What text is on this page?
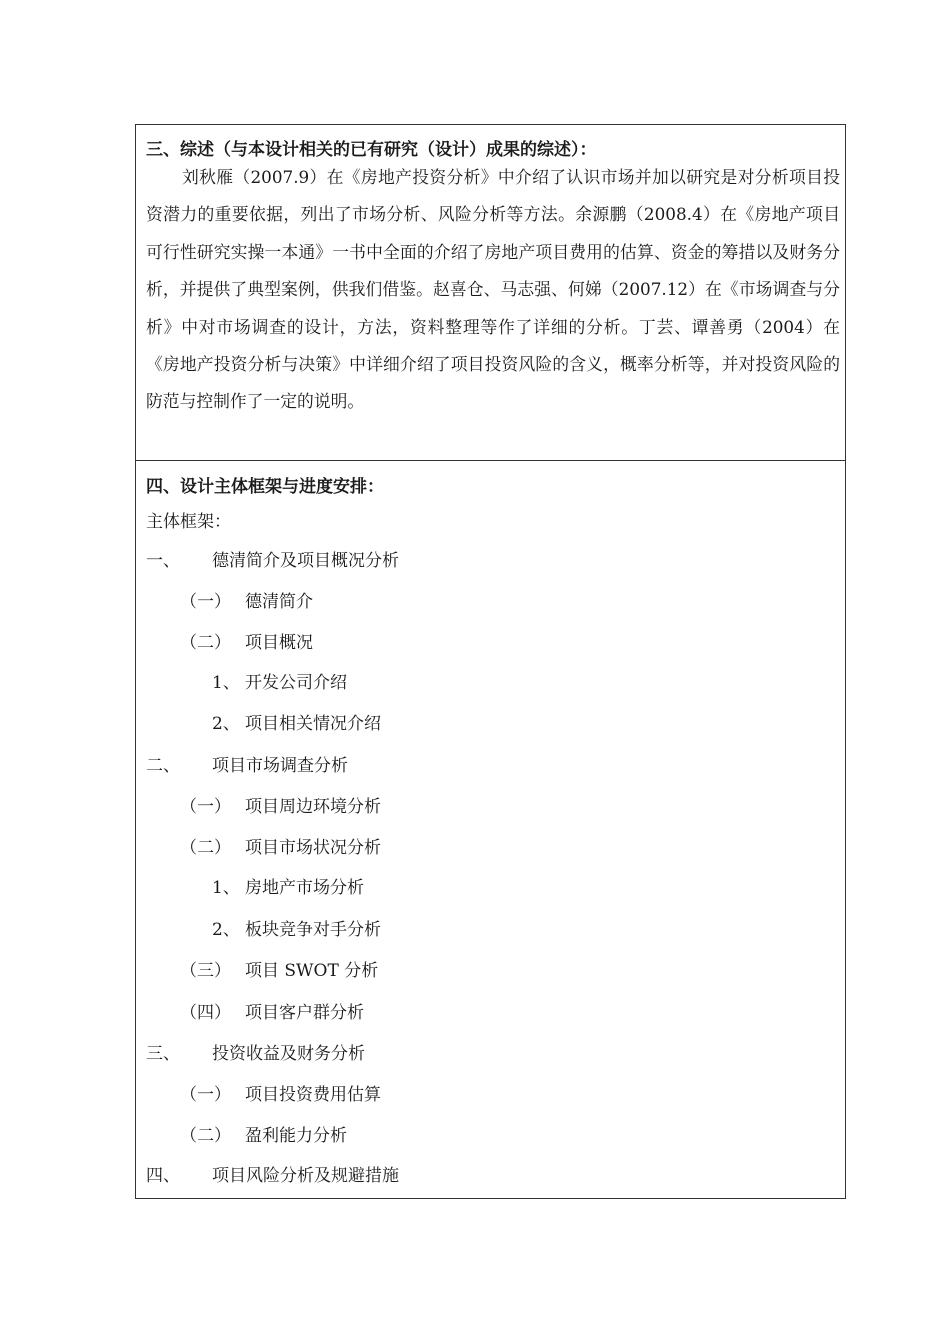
三、综述（与本设计相关的已有研究（设计）成果的综述）：

刘秋雁（2007.9）在《房地产投资分析》中介绍了认识市场并加以研究是对分析项目投资潜力的重要依据，列出了市场分析、风险分析等方法。余源鹏（2008.4）在《房地产项目可行性研究实操一本通》一书中全面的介绍了房地产项目费用的估算、资金的筹措以及财务分析，并提供了典型案例，供我们借鉴。赵喜仓、马志强、何娣（2007.12）在《市场调查与分析》中对市场调查的设计，方法，资料整理等作了详细的分析。丁芸、谭善勇（2004）在《房地产投资分析与决策》中详细介绍了项目投资风险的含义，概率分析等，并对投资风险的防范与控制作了一定的说明。

四、设计主体框架与进度安排：
主体框架：
一、 德清简介及项目概况分析
（一） 德清简介
（二） 项目概况
1、 开发公司介绍
2、 项目相关情况介绍
二、 项目市场调查分析
（一） 项目周边环境分析
（二） 项目市场状况分析
1、 房地产市场分析
2、 板块竞争对手分析
（三） 项目 SWOT 分析
（四） 项目客户群分析
三、 投资收益及财务分析
（一） 项目投资费用估算
（二） 盈利能力分析
四、 项目风险分析及规避措施
